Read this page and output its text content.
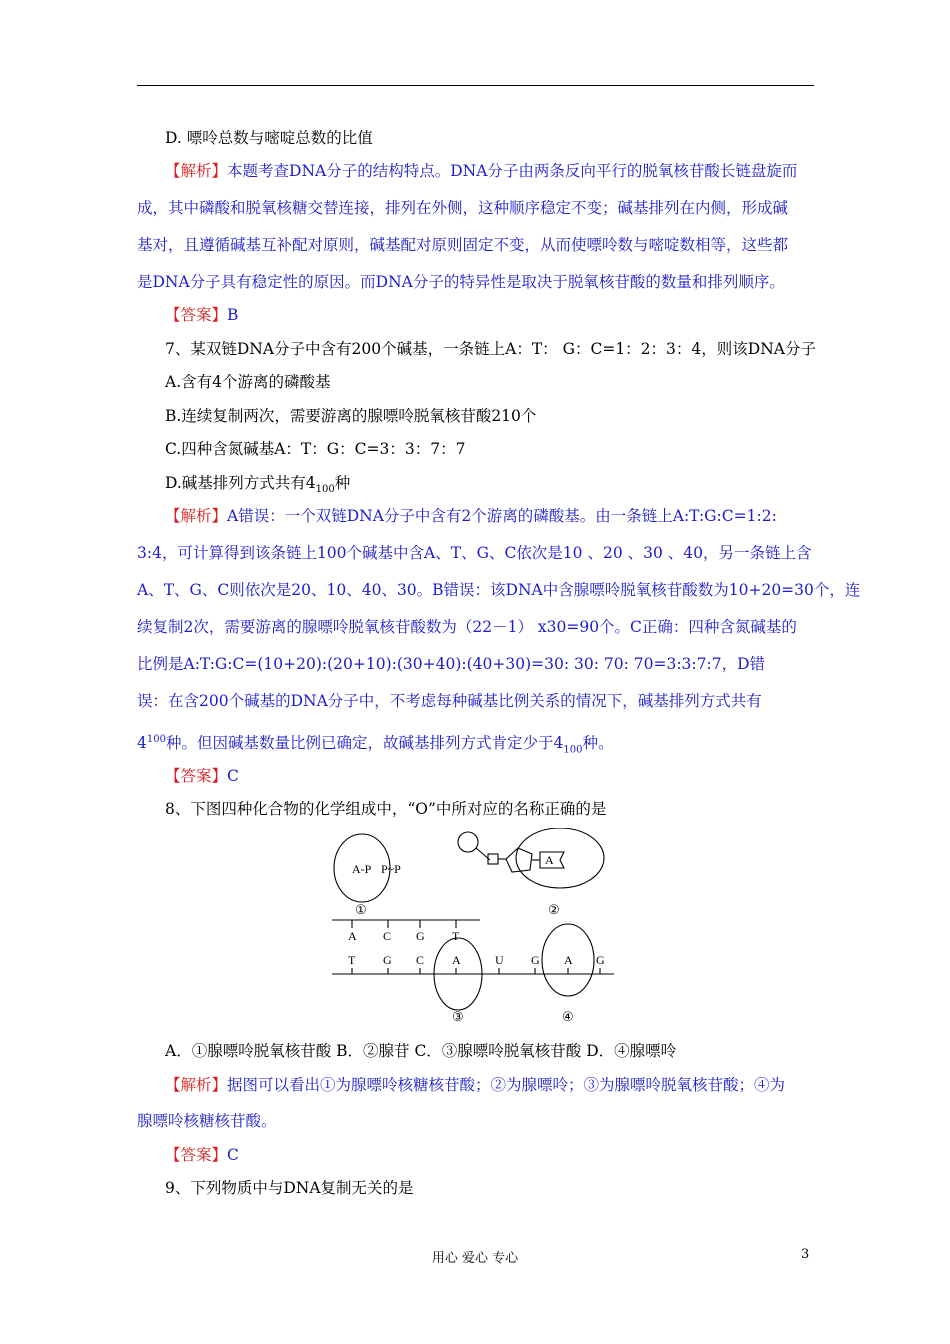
D. 嘌呤总数与嘧啶总数的比值
【解析】本题考查DNA分子的结构特点。DNA分子由两条反向平行的脱氧核苷酸长链盘旋而
成，其中磷酸和脱氧核糖交替连接，排列在外侧，这种顺序稳定不变；碱基排列在内侧，形成碱
基对，且遵循碱基互补配对原则，碱基配对原则固定不变，从而使嘌呤数与嘧啶数相等，这些都
是DNA分子具有稳定性的原因。而DNA分子的特异性是取决于脱氧核苷酸的数量和排列顺序。
【答案】B
7、某双链DNA分子中含有200个碱基，一条链上A：T： G：C=1：2：3：4，则该DNA分子
A.含有4个游离的磷酸基
B.连续复制两次，需要游离的腺嘌呤脱氧核苷酸210个
C.四种含氮碱基A：T：G：C=3：3：7：7
D.碱基排列方式共有$4_{100}$种
【解析】A错误：一个双链DNA分子中含有2个游离的磷酸基。由一条链上A:T:G:C=1:2:
3:4，可计算得到该条链上100个碱基中含A、T、G、C依次是10 、20 、30 、40，另一条链上含
A、T、G、C则依次是20、10、40、30。B错误：该DNA中含腺嘌呤脱氧核苷酸数为10+20=30个，连
续复制2次，需要游离的腺嘌呤脱氧核苷酸数为（22－1） x30=90个。C正确：四种含氮碱基的
比例是A:T:G:C=(10+20):(20+10):(30+40):(40+30)=30: 30: 70: 70=3:3:7:7，D错
误：在含200个碱基的DNA分子中，不考虑每种碱基比例关系的情况下，碱基排列方式共有
$4^{100}$种。但因碱基数量比例已确定，故碱基排列方式肯定少于$4_{100}$种。
【答案】C
8、下图四种化合物的化学组成中，“O”中所对应的名称正确的是
A-P P~P
①
A
②
A C G T
T G C A
③
U G A G
④
A．①腺嘌呤脱氧核苷酸 B．②腺苷 C．③腺嘌呤脱氧核苷酸 D．④腺嘌呤
【解析】据图可以看出①为腺嘌呤核糖核苷酸；②为腺嘌呤；③为腺嘌呤脱氧核苷酸；④为
腺嘌呤核糖核苷酸。
【答案】C
9、下列物质中与DNA复制无关的是
用心 爱心 专心	3
